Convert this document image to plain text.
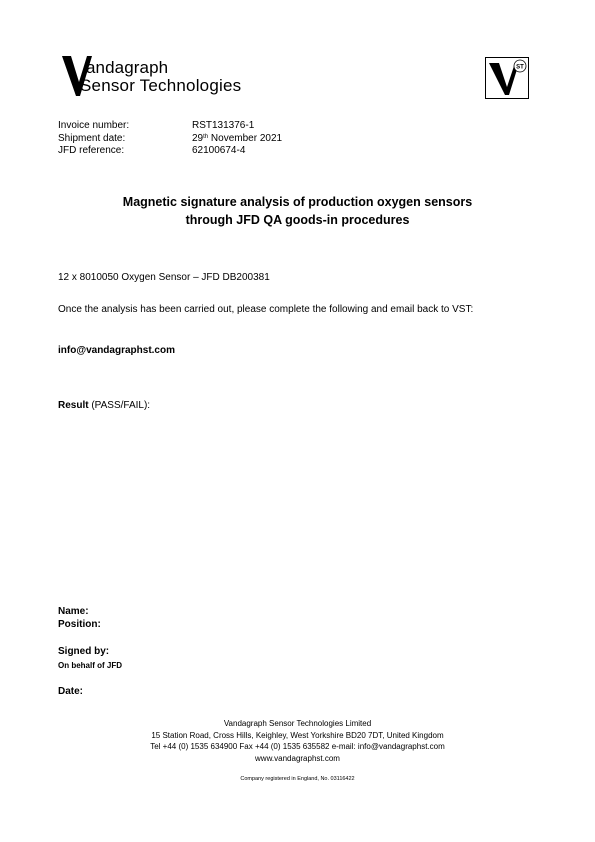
andagraph
Sensor Technologies
ST
Invoice number:	RST131376-1
Shipment date:	29th November 2021
JFD reference:	62100674-4
Magnetic signature analysis of production oxygen sensors
through JFD QA goods-in procedures
12 x 8010050 Oxygen Sensor – JFD DB200381
Once the analysis has been carried out, please complete the following and email back to VST:
info@vandagraphst.com
Result (PASS/FAIL):
Name:
Position:
Signed by:
On behalf of JFD
Date:
Vandagraph Sensor Technologies Limited
15 Station Road, Cross Hills, Keighley, West Yorkshire BD20 7DT, United Kingdom
Tel +44 (0) 1535 634900 Fax +44 (0) 1535 635582 e-mail: info@vandagraphst.com
www.vandagraphst.com
Company registered in England, No. 03116422
